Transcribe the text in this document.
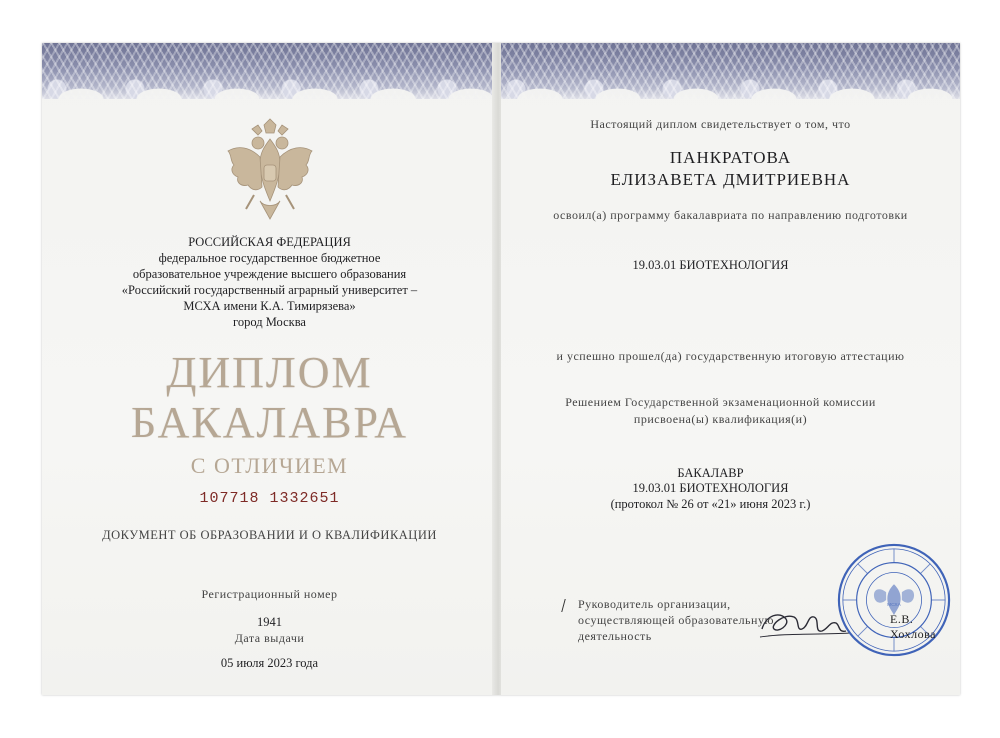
РОССИЙСКАЯ ФЕДЕРАЦИЯ
федеральное государственное бюджетное
образовательное учреждение высшего образования
«Российский государственный аграрный университет –
МСХА имени К.А. Тимирязева»
город Москва
ДИПЛОМ
БАКАЛАВРА
С ОТЛИЧИЕМ
107718 1332651
ДОКУМЕНТ ОБ ОБРАЗОВАНИИ И О КВАЛИФИКАЦИИ
Регистрационный номер
1941
Дата выдачи
05 июля 2023 года
Настоящий диплом свидетельствует о том, что
ПАНКРАТОВА
ЕЛИЗАВЕТА ДМИТРИЕВНА
освоил(а) программу бакалавриата по направлению подготовки
19.03.01 БИОТЕХНОЛОГИЯ
и успешно прошел(да) государственную итоговую аттестацию
Решением Государственной экзаменационной комиссии
присвоена(ы) квалификация(и)
БАКАЛАВР
19.03.01 БИОТЕХНОЛОГИЯ
(протокол № 26 от «21» июня 2023 г.)
Руководитель организации,
осуществляющей образовательную
деятельность
МСХА
Е.В. Хохлова
